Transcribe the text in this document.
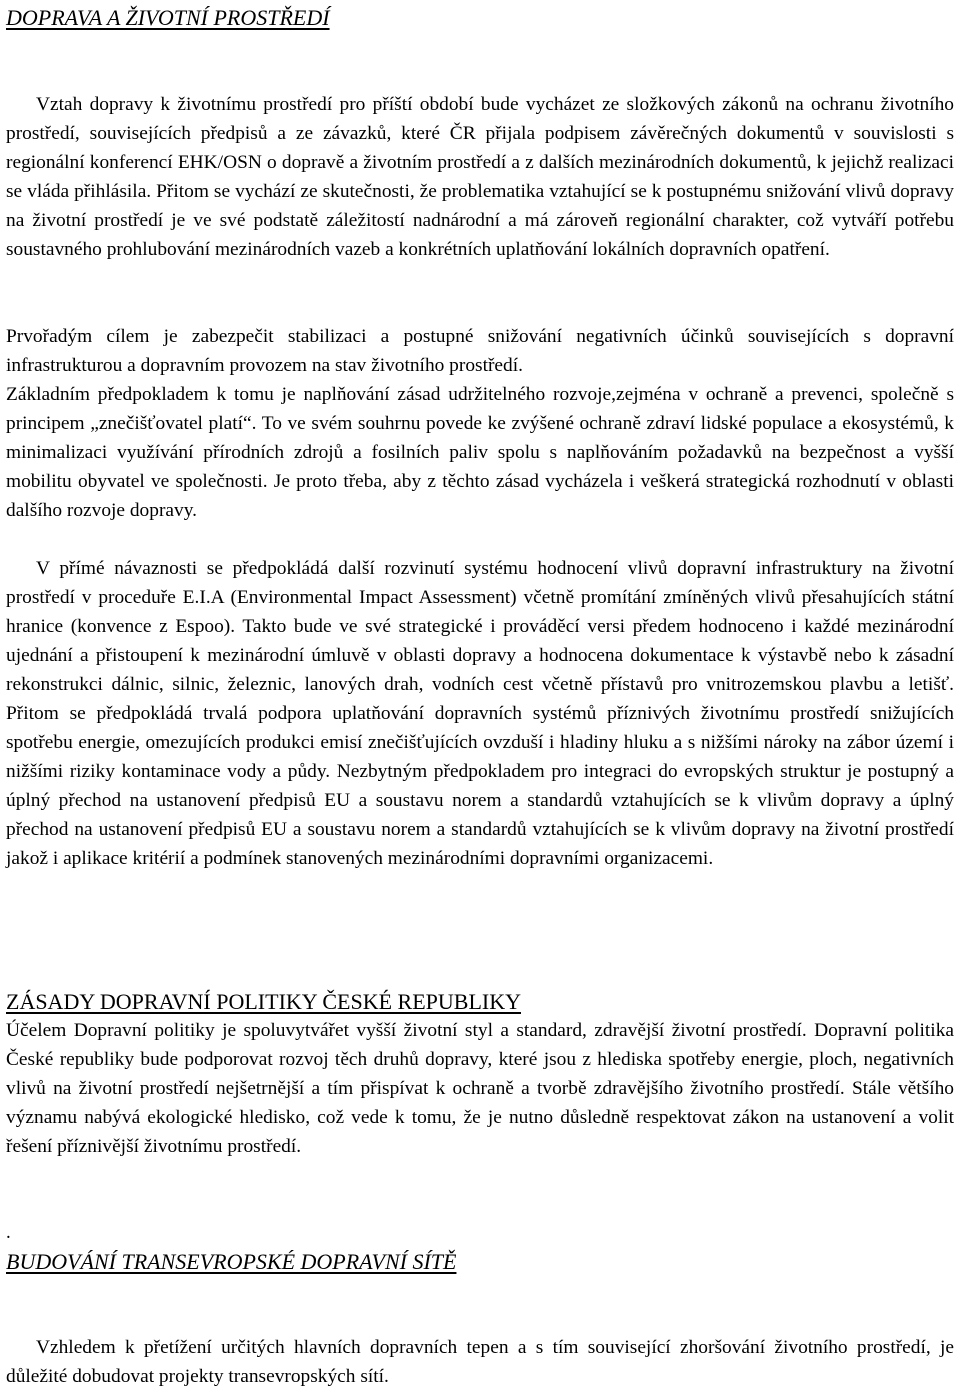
DOPRAVA A ŽIVOTNÍ PROSTŘEDÍ

Vztah dopravy k životnímu prostředí pro příští období bude vycházet ze složkových zákonů na ochranu životního prostředí, souvisejících předpisů a ze závazků, které ČR přijala podpisem závěrečných dokumentů v souvislosti s regionální konferencí EHK/OSN o dopravě a životním prostředí a z dalších mezinárodních dokumentů, k jejichž realizaci se vláda přihlásila. Přitom se vychází ze skutečnosti, že problematika vztahující se k postupnému snižování vlivů dopravy na životní prostředí je ve své podstatě záležitostí nadnárodní a má zároveň regionální charakter, což vytváří potřebu soustavného prohlubování mezinárodních vazeb a konkrétních uplatňování lokálních dopravních opatření.

Prvořadým cílem je zabezpečit stabilizaci a postupné snižování negativních účinků souvisejících s dopravní infrastrukturou a dopravním provozem na stav životního prostředí.

Základním předpokladem k tomu je naplňování zásad udržitelného rozvoje,zejména v ochraně a prevenci, společně s principem „znečišťovatel platí“. To ve svém souhrnu povede ke zvýšené ochraně zdraví lidské populace a ekosystémů, k minimalizaci využívání přírodních zdrojů a fosilních paliv spolu s naplňováním požadavků na bezpečnost a vyšší mobilitu obyvatel ve společnosti. Je proto třeba, aby z těchto zásad vycházela i veškerá strategická rozhodnutí v oblasti dalšího rozvoje dopravy.

V přímé návaznosti se předpokládá další rozvinutí systému hodnocení vlivů dopravní infrastruktury na životní prostředí v proceduře E.I.A (Environmental Impact Assessment) včetně promítání zmíněných vlivů přesahujících státní hranice (konvence z Espoo). Takto bude ve své strategické i prováděcí versi předem hodnoceno i každé mezinárodní ujednání a přistoupení k mezinárodní úmluvě v oblasti dopravy a hodnocena dokumentace k výstavbě nebo k zásadní rekonstrukci dálnic, silnic, železnic, lanových drah, vodních cest včetně přístavů pro vnitrozemskou plavbu a letišť. Přitom se předpokládá trvalá podpora uplatňování dopravních systémů příznivých životnímu prostředí snižujících spotřebu energie, omezujících produkci emisí znečišťujících ovzduší i hladiny hluku a s nižšími nároky na zábor území i nižšími riziky kontaminace vody a půdy. Nezbytným předpokladem pro integraci do evropských struktur je postupný a úplný přechod na ustanovení předpisů EU a soustavu norem a standardů vztahujících se k vlivům dopravy a úplný přechod na ustanovení předpisů EU a soustavu norem a standardů vztahujících se k vlivům dopravy na životní prostředí jakož i aplikace kritérií a podmínek stanovených mezinárodními dopravními organizacemi.

ZÁSADY DOPRAVNÍ POLITIKY ČESKÉ REPUBLIKY

Účelem Dopravní politiky je spoluvytvářet vyšší životní styl a standard, zdravější životní prostředí. Dopravní politika České republiky bude podporovat rozvoj těch druhů dopravy, které jsou z hlediska spotřeby energie, ploch, negativních vlivů na životní prostředí nejšetrnější a tím přispívat k ochraně a tvorbě zdravějšího životního prostředí. Stále většího významu nabývá ekologické hledisko, což vede k tomu, že je nutno důsledně respektovat zákon na ustanovení a volit řešení příznivější životnímu prostředí.

.

BUDOVÁNÍ TRANSEVROPSKÉ DOPRAVNÍ SÍTĚ

Vzhledem k přetížení určitých hlavních dopravních tepen a s tím související zhoršování životního prostředí, je důležité dobudovat projekty transevropských sítí.
